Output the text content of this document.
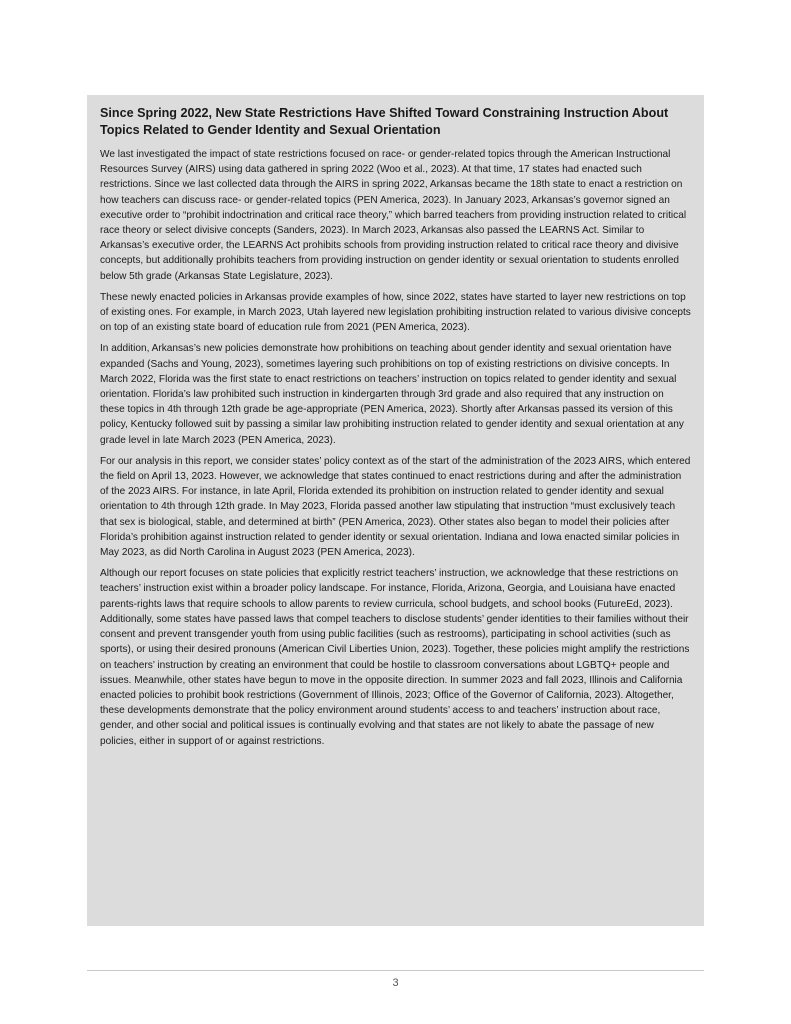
Since Spring 2022, New State Restrictions Have Shifted Toward Constraining Instruction About Topics Related to Gender Identity and Sexual Orientation

We last investigated the impact of state restrictions focused on race- or gender-related topics through the American Instructional Resources Survey (AIRS) using data gathered in spring 2022 (Woo et al., 2023). At that time, 17 states had enacted such restrictions. Since we last collected data through the AIRS in spring 2022, Arkansas became the 18th state to enact a restriction on how teachers can discuss race- or gender-related topics (PEN America, 2023). In January 2023, Arkansas’s governor signed an executive order to “prohibit indoctrination and critical race theory,” which barred teachers from providing instruction related to critical race theory or select divisive concepts (Sanders, 2023). In March 2023, Arkansas also passed the LEARNS Act. Similar to Arkansas’s executive order, the LEARNS Act prohibits schools from providing instruction related to critical race theory and divisive concepts, but additionally prohibits teachers from providing instruction on gender identity or sexual orientation to students enrolled below 5th grade (Arkansas State Legislature, 2023).

These newly enacted policies in Arkansas provide examples of how, since 2022, states have started to layer new restrictions on top of existing ones. For example, in March 2023, Utah layered new legislation prohibiting instruction related to various divisive concepts on top of an existing state board of education rule from 2021 (PEN America, 2023).

In addition, Arkansas’s new policies demonstrate how prohibitions on teaching about gender identity and sexual orientation have expanded (Sachs and Young, 2023), sometimes layering such prohibitions on top of existing restrictions on divisive concepts. In March 2022, Florida was the first state to enact restrictions on teachers’ instruction on topics related to gender identity and sexual orientation. Florida’s law prohibited such instruction in kindergarten through 3rd grade and also required that any instruction on these topics in 4th through 12th grade be age-appropriate (PEN America, 2023). Shortly after Arkansas passed its version of this policy, Kentucky followed suit by passing a similar law prohibiting instruction related to gender identity and sexual orientation at any grade level in late March 2023 (PEN America, 2023).

For our analysis in this report, we consider states’ policy context as of the start of the administration of the 2023 AIRS, which entered the field on April 13, 2023. However, we acknowledge that states continued to enact restrictions during and after the administration of the 2023 AIRS. For instance, in late April, Florida extended its prohibition on instruction related to gender identity and sexual orientation to 4th through 12th grade. In May 2023, Florida passed another law stipulating that instruction “must exclusively teach that sex is biological, stable, and determined at birth” (PEN America, 2023). Other states also began to model their policies after Florida’s prohibition against instruction related to gender identity or sexual orientation. Indiana and Iowa enacted similar policies in May 2023, as did North Carolina in August 2023 (PEN America, 2023).

Although our report focuses on state policies that explicitly restrict teachers’ instruction, we acknowledge that these restrictions on teachers’ instruction exist within a broader policy landscape. For instance, Florida, Arizona, Georgia, and Louisiana have enacted parents-rights laws that require schools to allow parents to review curricula, school budgets, and school books (FutureEd, 2023). Additionally, some states have passed laws that compel teachers to disclose students’ gender identities to their families without their consent and prevent transgender youth from using public facilities (such as restrooms), participating in school activities (such as sports), or using their desired pronouns (American Civil Liberties Union, 2023). Together, these policies might amplify the restrictions on teachers’ instruction by creating an environment that could be hostile to classroom conversations about LGBTQ+ people and issues. Meanwhile, other states have begun to move in the opposite direction. In summer 2023 and fall 2023, Illinois and California enacted policies to prohibit book restrictions (Government of Illinois, 2023; Office of the Governor of California, 2023). Altogether, these developments demonstrate that the policy environment around students’ access to and teachers’ instruction about race, gender, and other social and political issues is continually evolving and that states are not likely to abate the passage of new policies, either in support of or against restrictions.

3
